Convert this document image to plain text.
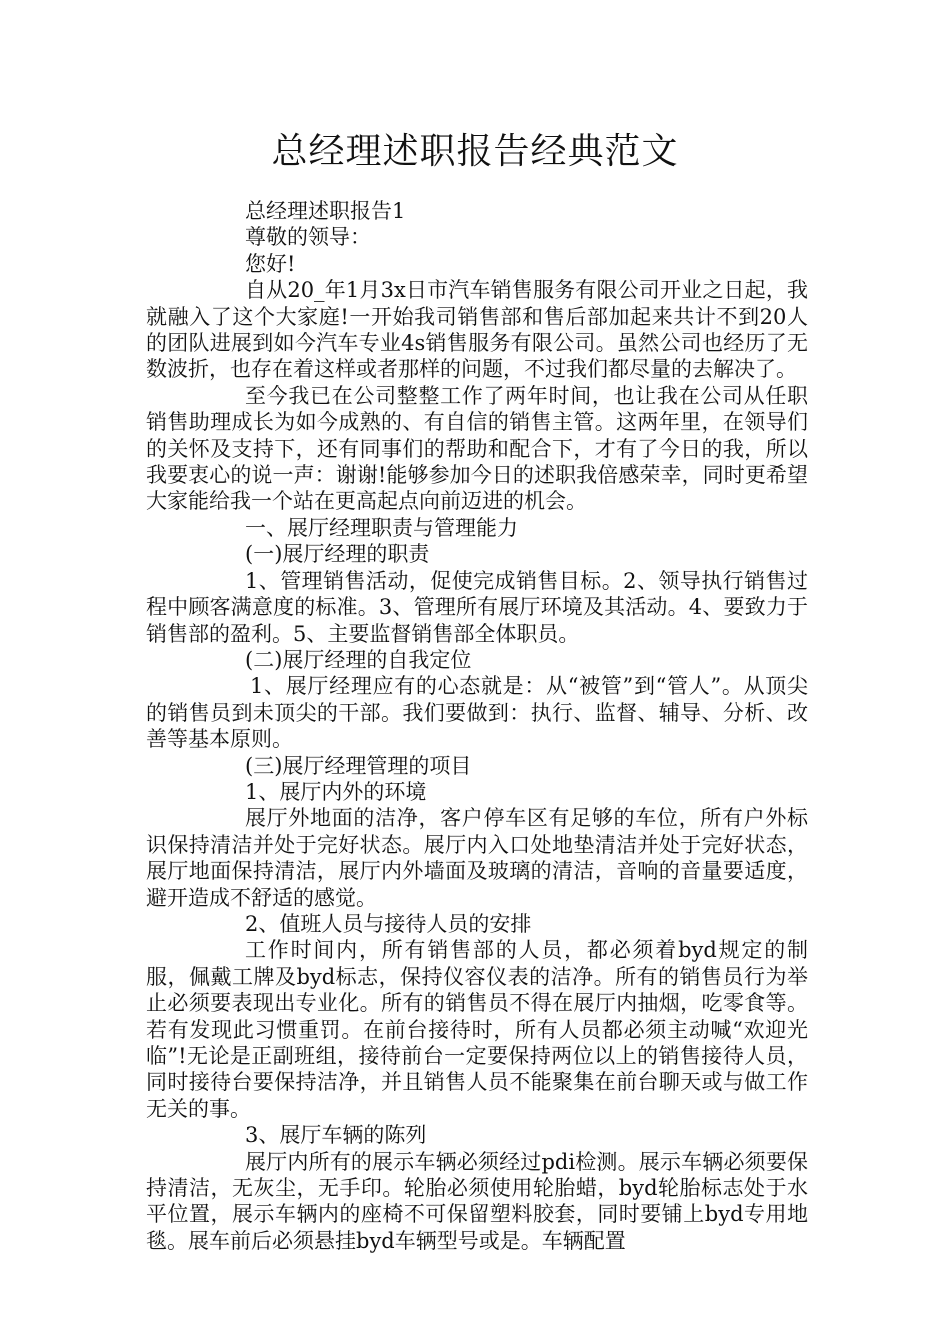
总经理述职报告经典范文

总经理述职报告1

尊敬的领导：

您好!

自从20_年1月3x日市汽车销售服务有限公司开业之日起，我就融入了这个大家庭!一开始我司销售部和售后部加起来共计不到20人的团队进展到如今汽车专业4s销售服务有限公司。虽然公司也经历了无数波折，也存在着这样或者那样的问题，不过我们都尽量的去解决了。

至今我已在公司整整工作了两年时间，也让我在公司从任职销售助理成长为如今成熟的、有自信的销售主管。这两年里，在领导们的关怀及支持下，还有同事们的帮助和配合下，才有了今日的我，所以我要衷心的说一声：谢谢!能够参加今日的述职我倍感荣幸，同时更希望大家能给我一个站在更高起点向前迈进的机会。

一、展厅经理职责与管理能力

(一)展厅经理的职责

1、管理销售活动，促使完成销售目标。2、领导执行销售过程中顾客满意度的标准。3、管理所有展厅环境及其活动。4、要致力于销售部的盈利。5、主要监督销售部全体职员。

(二)展厅经理的自我定位

1、展厅经理应有的心态就是：从“被管”到“管人”。从顶尖的销售员到未顶尖的干部。我们要做到：执行、监督、辅导、分析、改善等基本原则。

(三)展厅经理管理的项目

1、展厅内外的环境

展厅外地面的洁净，客户停车区有足够的车位，所有户外标识保持清洁并处于完好状态。展厅内入口处地垫清洁并处于完好状态，展厅地面保持清洁，展厅内外墙面及玻璃的清洁，音响的音量要适度，避开造成不舒适的感觉。

2、值班人员与接待人员的安排

工作时间内，所有销售部的人员，都必须着byd规定的制服，佩戴工牌及byd标志，保持仪容仪表的洁净。所有的销售员行为举止必须要表现出专业化。所有的销售员不得在展厅内抽烟，吃零食等。若有发现此习惯重罚。在前台接待时，所有人员都必须主动喊“欢迎光临”!无论是正副班组，接待前台一定要保持两位以上的销售接待人员，同时接待台要保持洁净，并且销售人员不能聚集在前台聊天或与做工作无关的事。

3、展厅车辆的陈列

展厅内所有的展示车辆必须经过pdi检测。展示车辆必须要保持清洁，无灰尘，无手印。轮胎必须使用轮胎蜡，byd轮胎标志处于水平位置，展示车辆内的座椅不可保留塑料胶套，同时要铺上byd专用地毯。展车前后必须悬挂byd车辆型号或是。车辆配置
